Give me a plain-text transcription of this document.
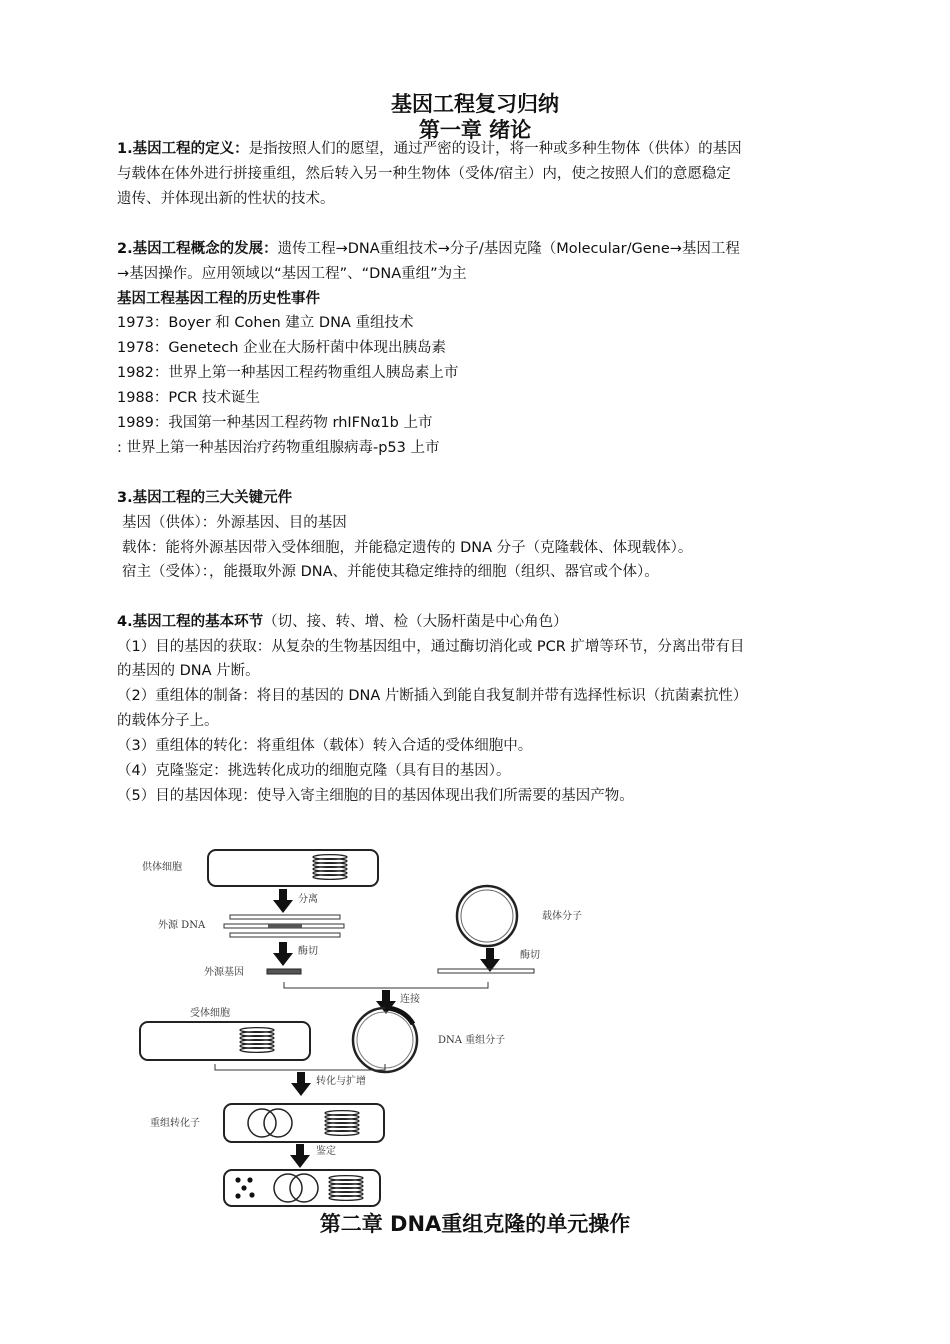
基因工程复习归纳
第一章 绪论
1.基因工程的定义：是指按照人们的愿望，通过严密的设计，将一种或多种生物体（供体）的基因
与载体在体外进行拼接重组，然后转入另一种生物体（受体/宿主）内，使之按照人们的意愿稳定
遗传、并体现出新的性状的技术。
2.基因工程概念的发展：遗传工程→DNA重组技术→分子/基因克隆（Molecular/Gene→基因工程
→基因操作。应用领域以“基因工程”、“DNA重组”为主
基因工程基因工程的历史性事件
1973：Boyer 和 Cohen 建立 DNA 重组技术
1978：Genetech 企业在大肠杆菌中体现出胰岛素
1982：世界上第一种基因工程药物重组人胰岛素上市
1988：PCR 技术诞生
1989：我国第一种基因工程药物 rhIFNα1b 上市
: 世界上第一种基因治疗药物重组腺病毒-p53 上市
3.基因工程的三大关键元件
基因（供体）：外源基因、目的基因
载体：能将外源基因带入受体细胞，并能稳定遗传的 DNA 分子（克隆载体、体现载体）。
宿主（受体）：，能摄取外源 DNA、并能使其稳定维持的细胞（组织、器官或个体）。
4.基因工程的基本环节（切、接、转、增、检（大肠杆菌是中心角色）
（1）目的基因的获取：从复杂的生物基因组中，通过酶切消化或 PCR 扩增等环节，分离出带有目
的基因的 DNA 片断。
（2）重组体的制备：将目的基因的 DNA 片断插入到能自我复制并带有选择性标识（抗菌素抗性）
的载体分子上。
（3）重组体的转化：将重组体（载体）转入合适的受体细胞中。
（4）克隆鉴定：挑选转化成功的细胞克隆（具有目的基因）。
（5）目的基因体现：使导入寄主细胞的目的基因体现出我们所需要的基因产物。
供体细胞
分离
外源 DNA
载体分子
酶切	酶切
外源基因
连接
受体细胞
DNA 重组分子
转化与扩增
重组转化子
鉴定
第二章 DNA重组克隆的单元操作
